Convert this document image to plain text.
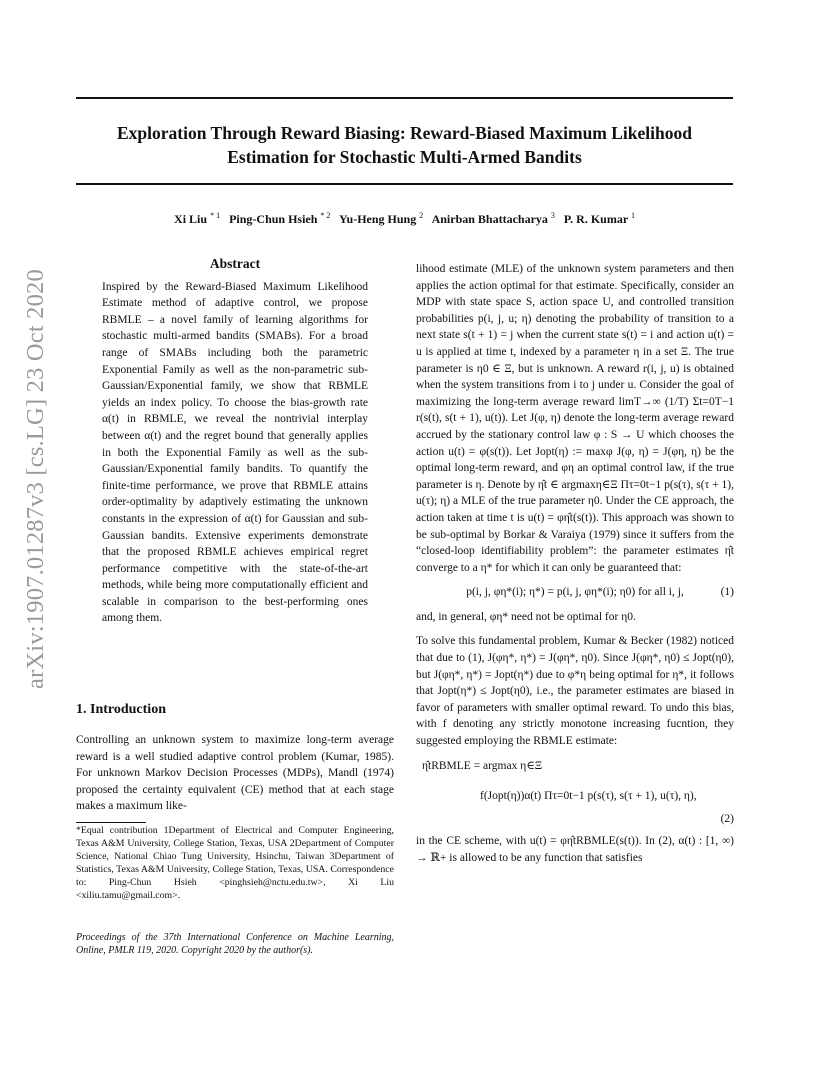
Exploration Through Reward Biasing: Reward-Biased Maximum Likelihood
Estimation for Stochastic Multi-Armed Bandits
Xi Liu $^{* 1}$ Ping-Chun Hsieh $^{* 2}$ Yu-Heng Hung $^2$ Anirban Bhattacharya $^3$ P. R. Kumar $^1$
arXiv:1907.01287v3 [cs.LG] 23 Oct 2020
Abstract

Inspired by the Reward-Biased Maximum Likelihood Estimate method of adaptive control, we propose RBMLE – a novel family of learning algorithms for stochastic multi-armed bandits (SMABs). For a broad range of SMABs including both the parametric Exponential Family as well as the non-parametric sub-Gaussian/Exponential family, we show that RBMLE yields an index policy. To choose the bias-growth rate α(t) in RBMLE, we reveal the nontrivial interplay between α(t) and the regret bound that generally applies in both the Exponential Family as well as the sub-Gaussian/Exponential family bandits. To quantify the finite-time performance, we prove that RBMLE attains order-optimality by adaptively estimating the unknown constants in the expression of α(t) for Gaussian and sub-Gaussian bandits. Extensive experiments demonstrate that the proposed RBMLE achieves empirical regret performance competitive with the state-of-the-art methods, while being more computationally efficient and scalable in comparison to the best-performing ones among them.

1. Introduction

Controlling an unknown system to maximize long-term average reward is a well studied adaptive control problem (Kumar, 1985). For unknown Markov Decision Processes (MDPs), Mandl (1974) proposed the certainty equivalent (CE) method that at each stage makes a maximum like-

*Equal contribution 1Department of Electrical and Computer Engineering, Texas A&M University, College Station, Texas, USA 2Department of Computer Science, National Chiao Tung University, Hsinchu, Taiwan 3Department of Statistics, Texas A&M University, College Station, Texas, USA. Correspondence to: Ping-Chun Hsieh <pinghsieh@nctu.edu.tw>, Xi Liu <xiliu.tamu@gmail.com>.

Proceedings of the 37th International Conference on Machine Learning, Online, PMLR 119, 2020. Copyright 2020 by the author(s).

lihood estimate (MLE) of the unknown system parameters and then applies the action optimal for that estimate. Specifically, consider an MDP with state space S, action space U, and controlled transition probabilities p(i, j, u; η) denoting the probability of transition to a next state s(t + 1) = j when the current state s(t) = i and action u(t) = u is applied at time t, indexed by a parameter η in a set Ξ. The true parameter is η0 ∈ Ξ, but is unknown. A reward r(i, j, u) is obtained when the system transitions from i to j under u. Consider the goal of maximizing the long-term average reward limT→∞ (1/T) Σt=0T−1 r(s(t), s(t + 1), u(t)). Let J(φ, η) denote the long-term average reward accrued by the stationary control law φ : S → U which chooses the action u(t) = φ(s(t)). Let Jopt(η) := maxφ J(φ, η) = J(φη, η) be the optimal long-term reward, and φη an optimal control law, if the true parameter is η. Denote by η̂t ∈ argmaxη∈Ξ Πτ=0t−1 p(s(τ), s(τ + 1), u(τ); η) a MLE of the true parameter η0. Under the CE approach, the action taken at time t is u(t) = φη̂t(s(t)). This approach was shown to be sub-optimal by Borkar & Varaiya (1979) since it suffers from the “closed-loop identifiability problem”: the parameter estimates η̂t converge to a η* for which it can only be guaranteed that:

p(i, j, φη*(i); η*) = p(i, j, φη*(i); η0) for all i, j,	(1)

and, in general, φη* need not be optimal for η0.

To solve this fundamental problem, Kumar & Becker (1982) noticed that due to (1), J(φη*, η*) = J(φη*, η0). Since J(φη*, η0) ≤ Jopt(η0), but J(φη*, η*) = Jopt(η*) due to φ*η being optimal for η*, it follows that Jopt(η*) ≤ Jopt(η0), i.e., the parameter estimates are biased in favor of parameters with smaller optimal reward. To undo this bias, with f denoting any strictly monotone increasing fucntion, they suggested employing the RBMLE estimate:

η̂tRBMLE = argmax η∈Ξ
f(Jopt(η))α(t) Πτ=0t−1 p(s(τ), s(τ + 1), u(τ), η),
(2)

in the CE scheme, with u(t) = φη̂tRBMLE(s(t)). In (2), α(t) : [1, ∞) → ℝ+ is allowed to be any function that satisfies
